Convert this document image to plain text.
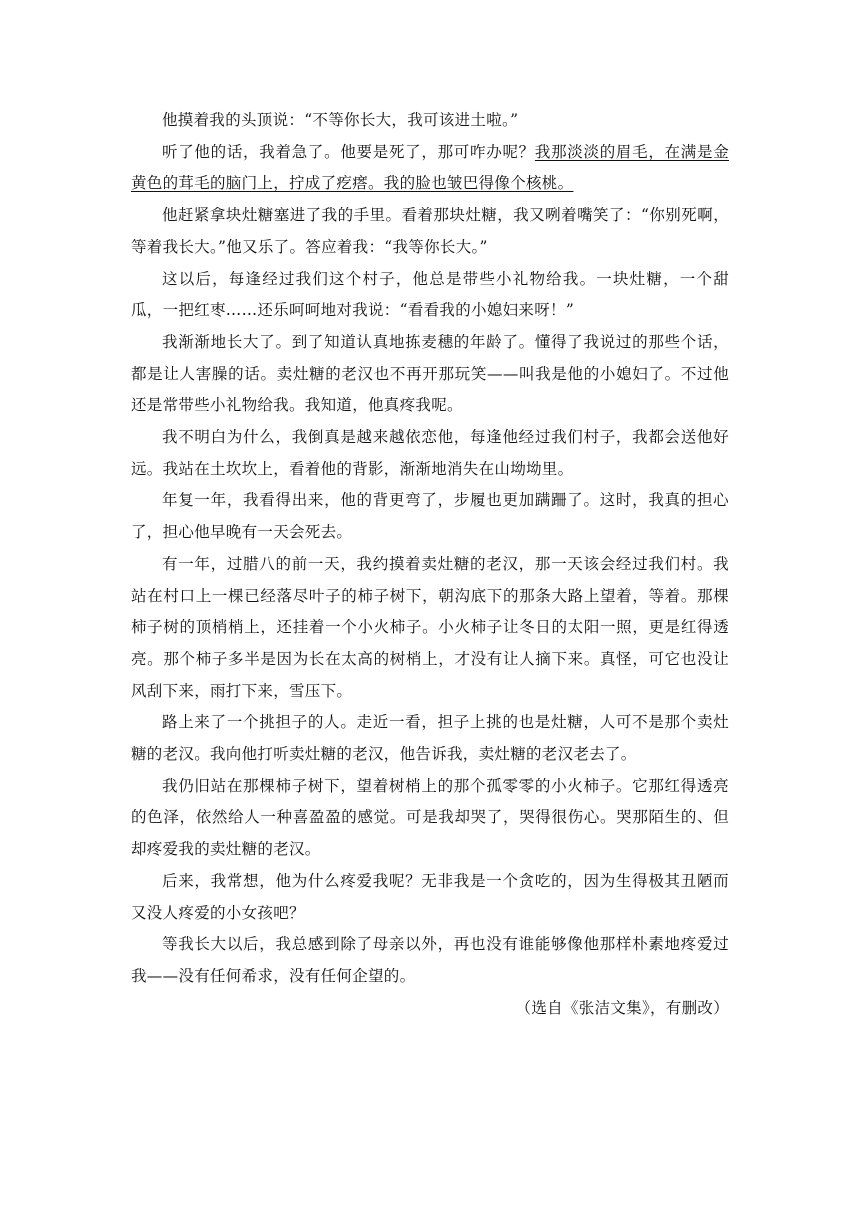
他摸着我的头顶说：“不等你长大，我可该进土啦。”

听了他的话，我着急了。他要是死了，那可咋办呢？我那淡淡的眉毛，在满是金黄色的茸毛的脑门上，拧成了疙瘩。我的脸也皱巴得像个核桃。

他赶紧拿块灶糖塞进了我的手里。看着那块灶糖，我又咧着嘴笑了：“你别死啊，等着我长大。”他又乐了。答应着我：“我等你长大。”

这以后，每逢经过我们这个村子，他总是带些小礼物给我。一块灶糖，一个甜瓜，一把红枣……还乐呵呵地对我说：“看看我的小媳妇来呀！”

我渐渐地长大了。到了知道认真地拣麦穗的年龄了。懂得了我说过的那些个话，都是让人害臊的话。卖灶糖的老汉也不再开那玩笑——叫我是他的小媳妇了。不过他还是常带些小礼物给我。我知道，他真疼我呢。

我不明白为什么，我倒真是越来越依恋他，每逢他经过我们村子，我都会送他好远。我站在土坎坎上，看着他的背影，渐渐地消失在山坳坳里。

年复一年，我看得出来，他的背更弯了，步履也更加蹒跚了。这时，我真的担心了，担心他早晚有一天会死去。

有一年，过腊八的前一天，我约摸着卖灶糖的老汉，那一天该会经过我们村。我站在村口上一棵已经落尽叶子的柿子树下，朝沟底下的那条大路上望着，等着。那棵柿子树的顶梢梢上，还挂着一个小火柿子。小火柿子让冬日的太阳一照，更是红得透亮。那个柿子多半是因为长在太高的树梢上，才没有让人摘下来。真怪，可它也没让风刮下来，雨打下来，雪压下。

路上来了一个挑担子的人。走近一看，担子上挑的也是灶糖，人可不是那个卖灶糖的老汉。我向他打听卖灶糖的老汉，他告诉我，卖灶糖的老汉老去了。

我仍旧站在那棵柿子树下，望着树梢上的那个孤零零的小火柿子。它那红得透亮的色泽，依然给人一种喜盈盈的感觉。可是我却哭了，哭得很伤心。哭那陌生的、但却疼爱我的卖灶糖的老汉。

后来，我常想，他为什么疼爱我呢？无非我是一个贪吃的，因为生得极其丑陋而又没人疼爱的小女孩吧？

等我长大以后，我总感到除了母亲以外，再也没有谁能够像他那样朴素地疼爱过我——没有任何希求，没有任何企望的。

（选自《张洁文集》，有删改）
